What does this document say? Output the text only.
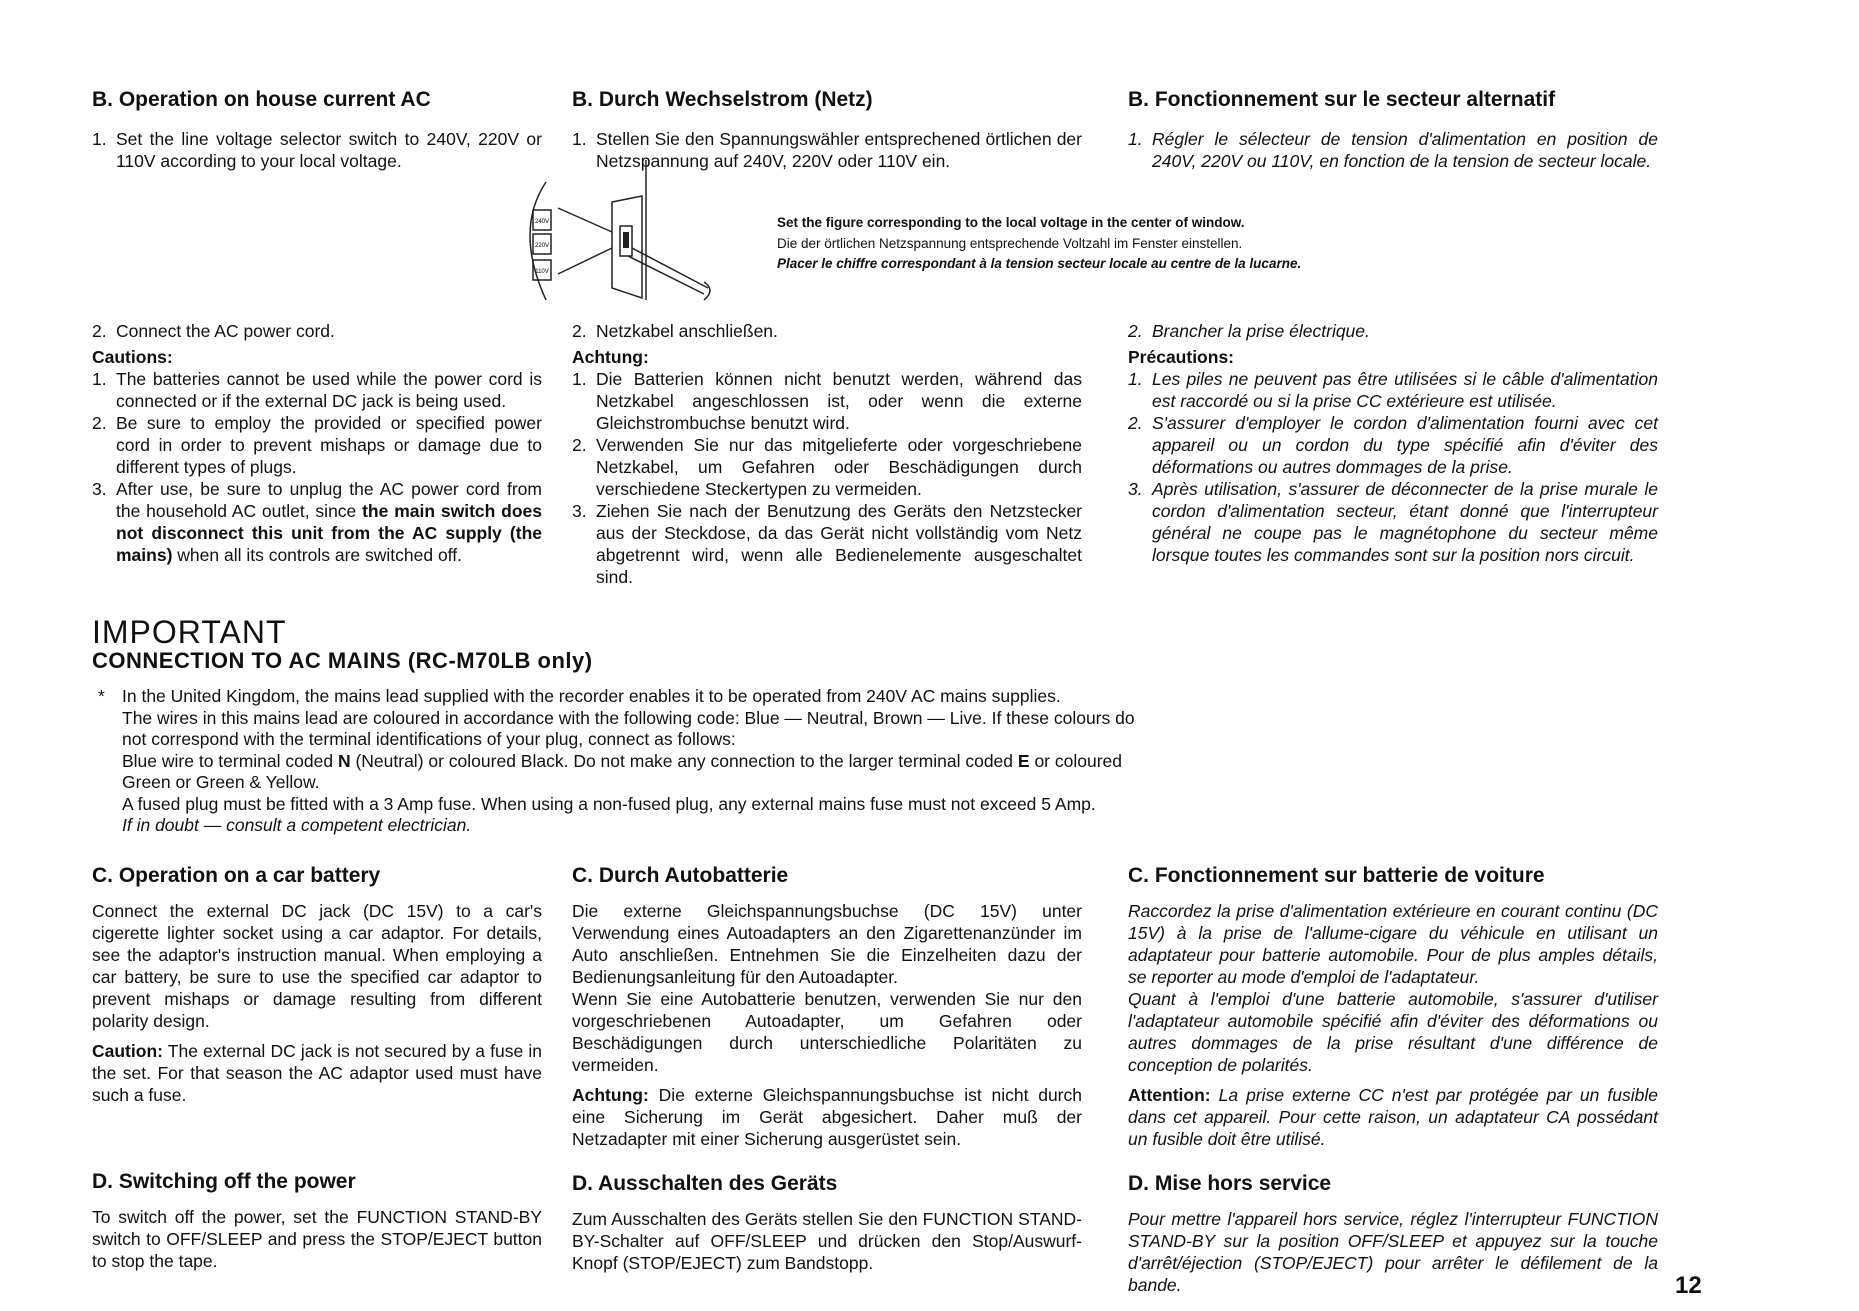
B. Operation on house current AC
1. Set the line voltage selector switch to 240V, 220V or 110V according to your local voltage.
2. Connect the AC power cord.
Cautions:
1. The batteries cannot be used while the power cord is connected or if the external DC jack is being used.
2. Be sure to employ the provided or specified power cord in order to prevent mishaps or damage due to different types of plugs.
3. After use, be sure to unplug the AC power cord from the household AC outlet, since the main switch does not disconnect this unit from the AC supply (the mains) when all its controls are switched off.
B. Durch Wechselstrom (Netz)
1. Stellen Sie den Spannungswähler entsprechened örtlichen der Netzspannung auf 240V, 220V oder 110V ein.
2. Netzkabel anschließen.
Achtung:
1. Die Batterien können nicht benutzt werden, während das Netzkabel angeschlossen ist, oder wenn die externe Gleichstrombuchse benutzt wird.
2. Verwenden Sie nur das mitgelieferte oder vorgeschriebene Netzkabel, um Gefahren oder Beschädigungen durch verschiedene Steckertypen zu vermeiden.
3. Ziehen Sie nach der Benutzung des Geräts den Netzstecker aus der Steckdose, da das Gerät nicht vollständig vom Netz abgetrennt wird, wenn alle Bedienelemente ausgeschaltet sind.
B. Fonctionnement sur le secteur alternatif
1. Régler le sélecteur de tension d'alimentation en position de 240V, 220V ou 110V, en fonction de la tension de secteur locale.
2. Brancher la prise électrique.
Précautions:
1. Les piles ne peuvent pas être utilisées si le câble d'alimentation est raccordé ou si la prise CC extérieure est utilisée.
2. S'assurer d'employer le cordon d'alimentation fourni avec cet appareil ou un cordon du type spécifié afin d'éviter des déformations ou autres dommages de la prise.
3. Après utilisation, s'assurer de déconnecter de la prise murale le cordon d'alimentation secteur, étant donné que l'interrupteur général ne coupe pas le magnétophone du secteur même lorsque toutes les commandes sont sur la position nors circuit.
240V
220V
110V
Set the figure corresponding to the local voltage in the center of window.
Die der örtlichen Netzspannung entsprechende Voltzahl im Fenster einstellen.
Placer le chiffre correspondant à la tension secteur locale au centre de la lucarne.
IMPORTANT
CONNECTION TO AC MAINS (RC-M70LB only)
* In the United Kingdom, the mains lead supplied with the recorder enables it to be operated from 240V AC mains supplies.
The wires in this mains lead are coloured in accordance with the following code: Blue — Neutral, Brown — Live. If these colours do
not correspond with the terminal identifications of your plug, connect as follows:
Blue wire to terminal coded N (Neutral) or coloured Black. Do not make any connection to the larger terminal coded E or coloured
Green or Green & Yellow.
A fused plug must be fitted with a 3 Amp fuse. When using a non-fused plug, any external mains fuse must not exceed 5 Amp.
If in doubt — consult a competent electrician.
C. Operation on a car battery

Connect the external DC jack (DC 15V) to a car's cigerette lighter socket using a car adaptor. For details, see the adaptor's instruction manual. When employing a car battery, be sure to use the specified car adaptor to prevent mishaps or damage resulting from different polarity design.

Caution: The external DC jack is not secured by a fuse in the set. For that season the AC adaptor used must have such a fuse.

C. Durch Autobatterie

Die externe Gleichspannungsbuchse (DC 15V) unter Verwendung eines Autoadapters an den Zigarettenanzünder im Auto anschließen. Entnehmen Sie die Einzelheiten dazu der Bedienungsanleitung für den Autoadapter.

Wenn Sie eine Autobatterie benutzen, verwenden Sie nur den vorgeschriebenen Autoadapter, um Gefahren oder Beschädigungen durch unterschiedliche Polaritäten zu vermeiden.

Achtung: Die externe Gleichspannungsbuchse ist nicht durch eine Sicherung im Gerät abgesichert. Daher muß der Netzadapter mit einer Sicherung ausgerüstet sein.

C. Fonctionnement sur batterie de voiture

Raccordez la prise d'alimentation extérieure en courant continu (DC 15V) à la prise de l'allume-cigare du véhicule en utilisant un adaptateur pour batterie automobile. Pour de plus amples détails, se reporter au mode d'emploi de l'adaptateur.

Quant à l'emploi d'une batterie automobile, s'assurer d'utiliser l'adaptateur automobile spécifié afin d'éviter des déformations ou autres dommages de la prise résultant d'une différence de conception de polarités.

Attention: La prise externe CC n'est par protégée par un fusible dans cet appareil. Pour cette raison, un adaptateur CA possédant un fusible doit être utilisé.

D. Switching off the power

To switch off the power, set the FUNCTION STAND-BY switch to OFF/SLEEP and press the STOP/EJECT button to stop the tape.

D. Ausschalten des Geräts

Zum Ausschalten des Geräts stellen Sie den FUNCTION STAND-BY-Schalter auf OFF/SLEEP und drücken den Stop/Auswurf-Knopf (STOP/EJECT) zum Bandstopp.

D. Mise hors service

Pour mettre l'appareil hors service, réglez l'interrupteur FUNCTION STAND-BY sur la position OFF/SLEEP et appuyez sur la touche d'arrêt/éjection (STOP/EJECT) pour arrêter le défilement de la bande.	12
